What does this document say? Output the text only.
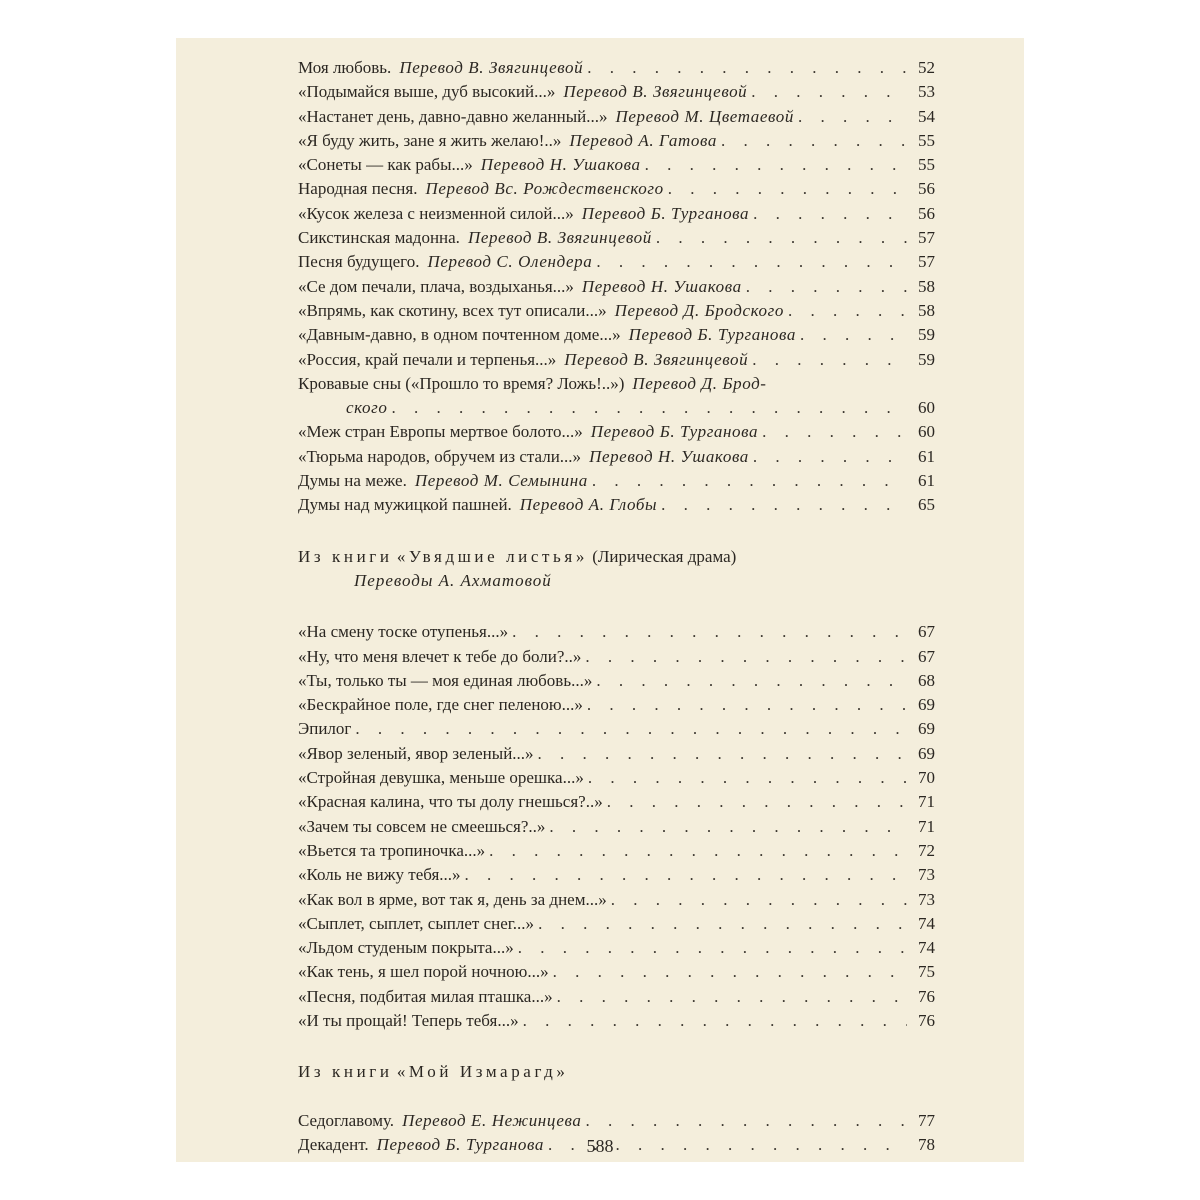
Моя любовь. Перевод В. Звягинцевой . . .	52
«Подымайся выше, дуб высокий...» Перевод В. Звягинцевой . . .	53
«Настанет день, давно-давно желанный...» Перевод М. Цветаевой . . .	54
«Я буду жить, зане я жить желаю!..» Перевод А. Гатова . . .	55
«Сонеты — как рабы...» Перевод Н. Ушакова . . .	55
Народная песня. Перевод Вс. Рождественского . . .	56
«Кусок железа с неизменной силой...» Перевод Б. Турганова . . .	56
Сикстинская мадонна. Перевод В. Звягинцевой . . .	57
Песня будущего. Перевод С. Олендера . . .	57
«Се дом печали, плача, воздыханья...» Перевод Н. Ушакова . . .	58
«Впрямь, как скотину, всех тут описали...» Перевод Д. Бродского . . .	58
«Давным-давно, в одном почтенном доме...» Перевод Б. Турганова . . .	59
«Россия, край печали и терпенья...» Перевод В. Звягинцевой . . .	59
Кровавые сны («Прошло то время? Ложь!..») Перевод Д. Брод-
ского . . .	60
«Меж стран Европы мертвое болото...» Перевод Б. Турганова . . .	60
«Тюрьма народов, обручем из стали...» Перевод Н. Ушакова . . .	61
Думы на меже. Перевод М. Семынина . . .	61
Думы над мужицкой пашней. Перевод А. Глобы . . .	65
Из книги «Увядшие листья» (Лирическая драма)
Переводы А. Ахматовой
«На смену тоске отупенья...» . . .	67
«Ну, что меня влечет к тебе до боли?..» . . .	67
«Ты, только ты — моя единая любовь...» . . .	68
«Бескрайное поле, где снег пеленою...» . . .	69
Эпилог . . .	69
«Явор зеленый, явор зеленый...» . . .	69
«Стройная девушка, меньше орешка...» . . .	70
«Красная калина, что ты долу гнешься?..» . . .	71
«Зачем ты совсем не смеешься?..» . . .	71
«Вьется та тропиночка...» . . .	72
«Коль не вижу тебя...» . . .	73
«Как вол в ярме, вот так я, день за днем...» . . .	73
«Сыплет, сыплет, сыплет снег...» . . .	74
«Льдом студеным покрыта...» . . .	74
«Как тень, я шел порой ночною...» . . .	75
«Песня, подбитая милая пташка...» . . .	76
«И ты прощай! Теперь тебя...» . . .	76
Из книги «Мой Измарагд»
Седоглавому. Перевод Е. Нежинцева . . .	77
Декадент. Перевод Б. Турганова . . .	78
588
